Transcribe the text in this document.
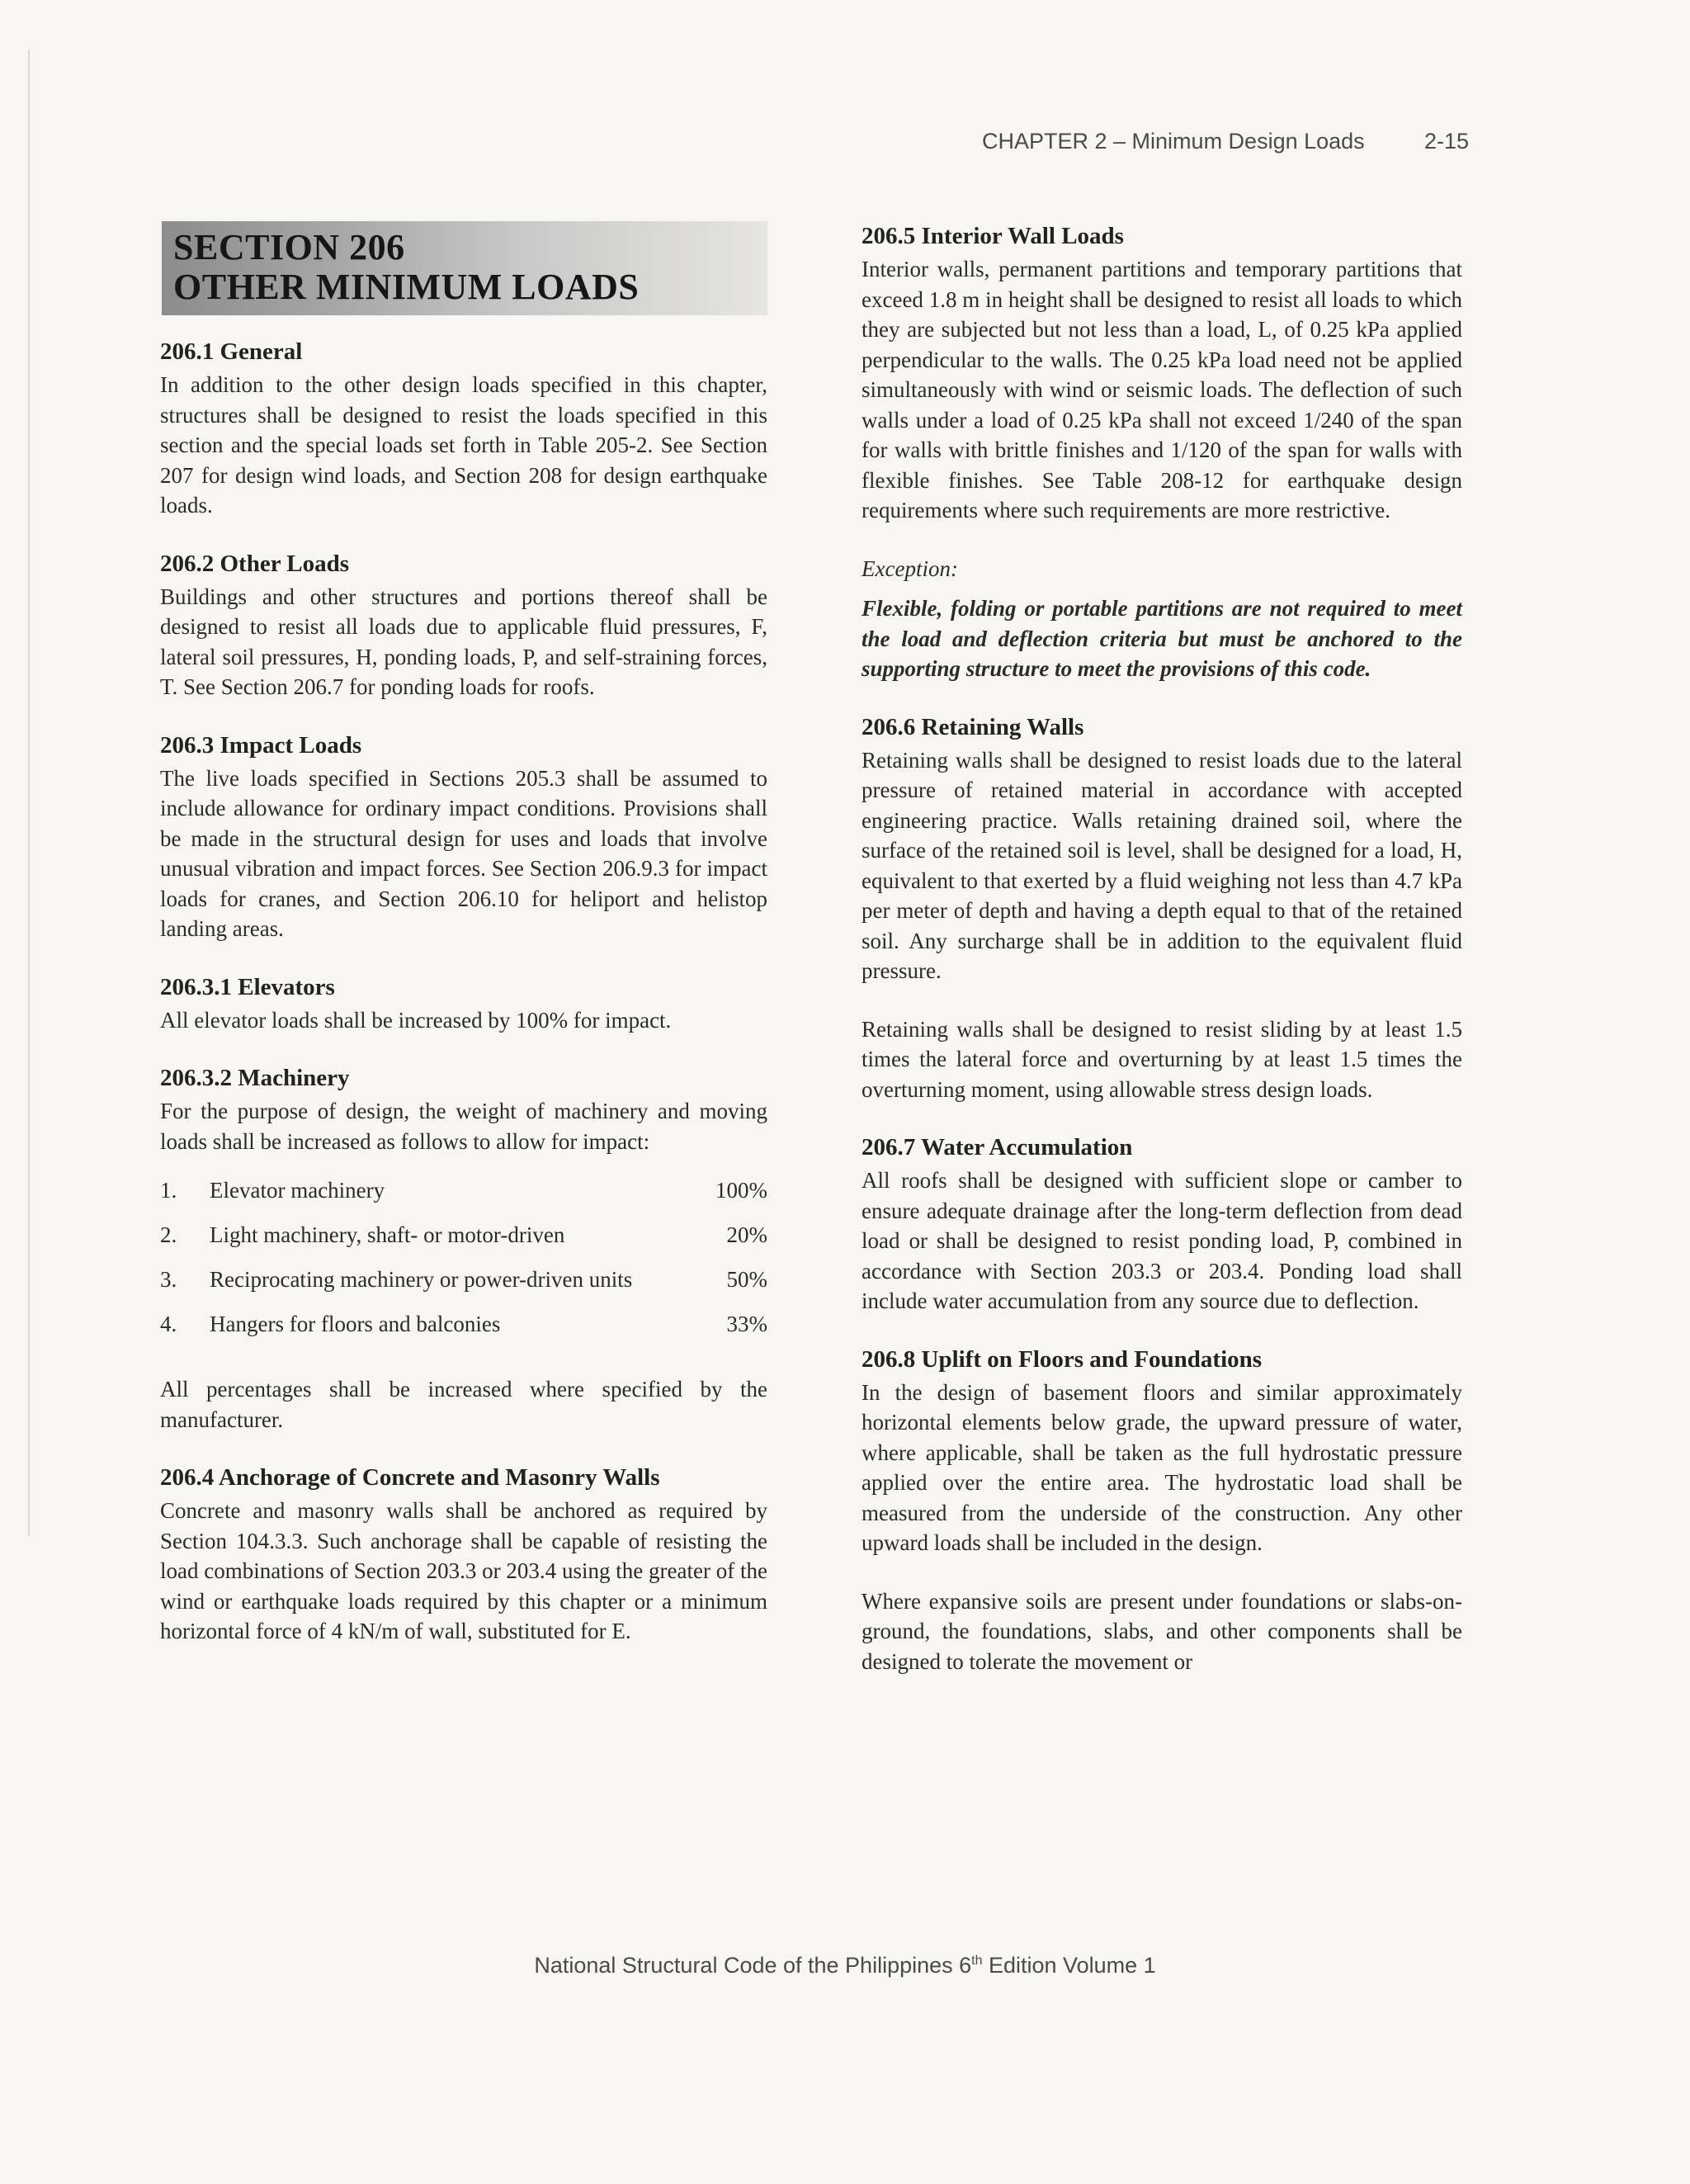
CHAPTER 2 – Minimum Design Loads	2-15
SECTION 206
OTHER MINIMUM LOADS
206.1 General

In addition to the other design loads specified in this chapter, structures shall be designed to resist the loads specified in this section and the special loads set forth in Table 205-2. See Section 207 for design wind loads, and Section 208 for design earthquake loads.

206.2 Other Loads

Buildings and other structures and portions thereof shall be designed to resist all loads due to applicable fluid pressures, F, lateral soil pressures, H, ponding loads, P, and self-straining forces, T. See Section 206.7 for ponding loads for roofs.

206.3 Impact Loads

The live loads specified in Sections 205.3 shall be assumed to include allowance for ordinary impact conditions. Provisions shall be made in the structural design for uses and loads that involve unusual vibration and impact forces. See Section 206.9.3 for impact loads for cranes, and Section 206.10 for heliport and helistop landing areas.

206.3.1 Elevators

All elevator loads shall be increased by 100% for impact.

206.3.2 Machinery

For the purpose of design, the weight of machinery and moving loads shall be increased as follows to allow for impact:

1.	Elevator machinery	100%
2.	Light machinery, shaft- or motor-driven	20%
3.	Reciprocating machinery or power-driven units	50%
4.	Hangers for floors and balconies	33%

All percentages shall be increased where specified by the manufacturer.

206.4 Anchorage of Concrete and Masonry Walls

Concrete and masonry walls shall be anchored as required by Section 104.3.3. Such anchorage shall be capable of resisting the load combinations of Section 203.3 or 203.4 using the greater of the wind or earthquake loads required by this chapter or a minimum horizontal force of 4 kN/m of wall, substituted for E.

206.5 Interior Wall Loads

Interior walls, permanent partitions and temporary partitions that exceed 1.8 m in height shall be designed to resist all loads to which they are subjected but not less than a load, L, of 0.25 kPa applied perpendicular to the walls. The 0.25 kPa load need not be applied simultaneously with wind or seismic loads. The deflection of such walls under a load of 0.25 kPa shall not exceed 1/240 of the span for walls with brittle finishes and 1/120 of the span for walls with flexible finishes. See Table 208-12 for earthquake design requirements where such requirements are more restrictive.

Exception:
Flexible, folding or portable partitions are not required to meet the load and deflection criteria but must be anchored to the supporting structure to meet the provisions of this code.
206.6 Retaining Walls

Retaining walls shall be designed to resist loads due to the lateral pressure of retained material in accordance with accepted engineering practice. Walls retaining drained soil, where the surface of the retained soil is level, shall be designed for a load, H, equivalent to that exerted by a fluid weighing not less than 4.7 kPa per meter of depth and having a depth equal to that of the retained soil. Any surcharge shall be in addition to the equivalent fluid pressure.

Retaining walls shall be designed to resist sliding by at least 1.5 times the lateral force and overturning by at least 1.5 times the overturning moment, using allowable stress design loads.

206.7 Water Accumulation

All roofs shall be designed with sufficient slope or camber to ensure adequate drainage after the long-term deflection from dead load or shall be designed to resist ponding load, P, combined in accordance with Section 203.3 or 203.4. Ponding load shall include water accumulation from any source due to deflection.

206.8 Uplift on Floors and Foundations

In the design of basement floors and similar approximately horizontal elements below grade, the upward pressure of water, where applicable, shall be taken as the full hydrostatic pressure applied over the entire area. The hydrostatic load shall be measured from the underside of the construction. Any other upward loads shall be included in the design.

Where expansive soils are present under foundations or slabs-on-ground, the foundations, slabs, and other components shall be designed to tolerate the movement or

National Structural Code of the Philippines 6th Edition Volume 1
